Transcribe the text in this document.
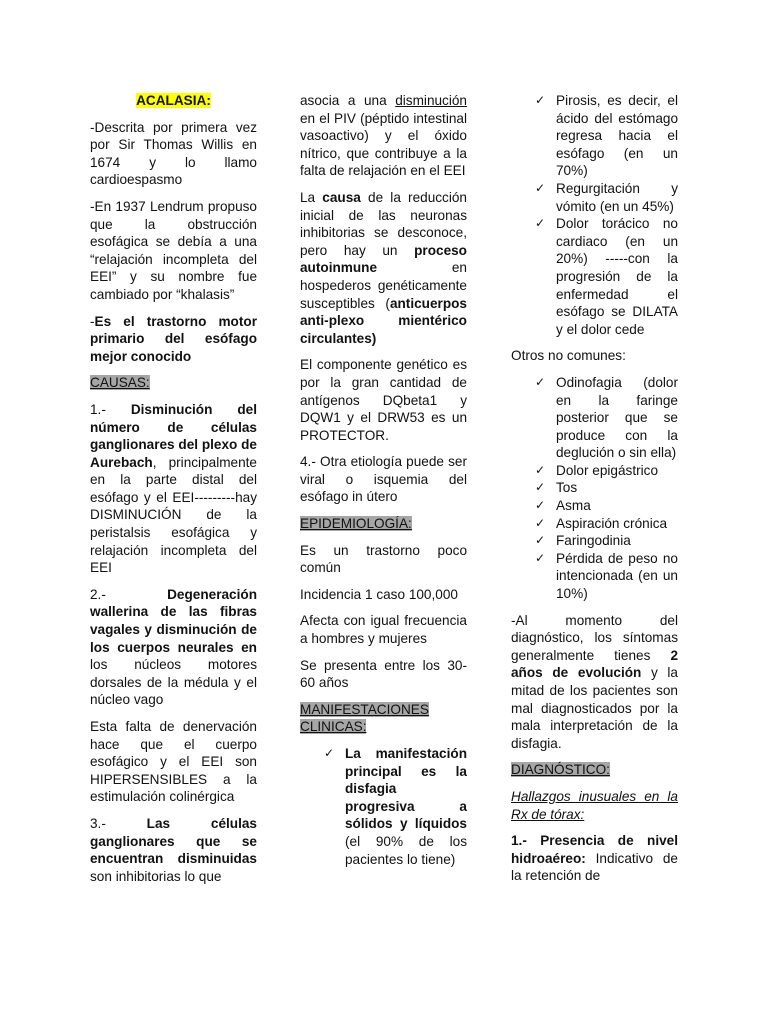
ACALASIA:

-Descrita por primera vez por Sir Thomas Willis en 1674 y lo llamo cardioespasmo

-En 1937 Lendrum propuso que la obstrucción esofágica se debía a una “relajación incompleta del EEI” y su nombre fue cambiado por “khalasis”

-Es el trastorno motor primario del esófago mejor conocido

CAUSAS:

1.- Disminución del número de células ganglionares del plexo de Aurebach, principalmente en la parte distal del esófago y el EEI---------hay DISMINUCIÓN de la peristalsis esofágica y relajación incompleta del EEI

2.- Degeneración wallerina de las fibras vagales y disminución de los cuerpos neurales en los núcleos motores dorsales de la médula y el núcleo vago

Esta falta de denervación hace que el cuerpo esofágico y el EEI son HIPERSENSIBLES a la estimulación colinérgica

3.- Las células ganglionares que se encuentran disminuidas son inhibitorias lo que

asocia a una disminución en el PIV (péptido intestinal vasoactivo) y el óxido nítrico, que contribuye a la falta de relajación en el EEI

La causa de la reducción inicial de las neuronas inhibitorias se desconoce, pero hay un proceso autoinmune en hospederos genéticamente susceptibles (anticuerpos anti-plexo mientérico circulantes)

El componente genético es por la gran cantidad de antígenos DQbeta1 y DQW1 y el DRW53 es un PROTECTOR.

4.- Otra etiología puede ser viral o isquemia del esófago in útero

EPIDEMIOLOGÍA:

Es un trastorno poco común

Incidencia 1 caso 100,000

Afecta con igual frecuencia a hombres y mujeres

Se presenta entre los 30-60 años

MANIFESTACIONES CLINICAS:

✓ La manifestación principal es la disfagia progresiva a sólidos y líquidos (el 90% de los pacientes lo tiene)
✓ Pirosis, es decir, el ácido del estómago regresa hacia el esófago (en un 70%)
✓ Regurgitación y vómito (en un 45%)
✓ Dolor torácico no cardiaco (en un 20%) -----con la progresión de la enfermedad el esófago se DILATA y el dolor cede

Otros no comunes:

✓ Odinofagia (dolor en la faringe posterior que se produce con la deglución o sin ella)
✓ Dolor epigástrico
✓ Tos
✓ Asma
✓ Aspiración crónica
✓ Faringodinia
✓ Pérdida de peso no intencionada (en un 10%)

-Al momento del diagnóstico, los síntomas generalmente tienes 2 años de evolución y la mitad de los pacientes son mal diagnosticados por la mala interpretación de la disfagia.

DIAGNÓSTICO:

Hallazgos inusuales en la Rx de tórax:

1.- Presencia de nivel hidroaéreo: Indicativo de la retención de
